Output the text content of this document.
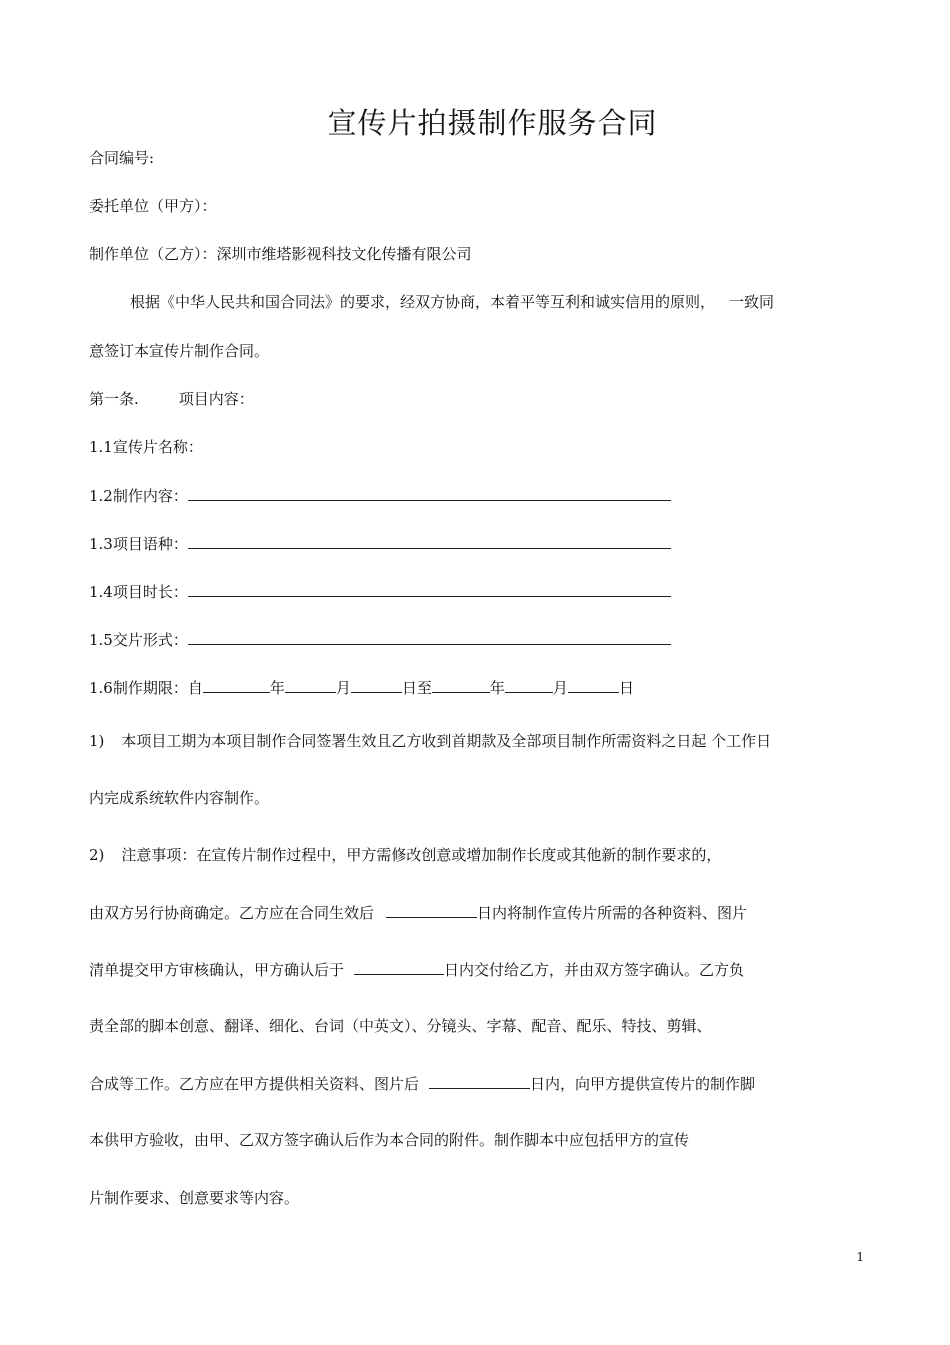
宣传片拍摄制作服务合同

合同编号:

委托单位（甲方）：

制作单位（乙方）：深圳市维塔影视科技文化传播有限公司

根据《中华人民共和国合同法》的要求，经双方协商，本着平等互利和诚实信用的原则， 一致同

意签订本宣传片制作合同。

第一条.	项目内容：

1.1宣传片名称：

1.2制作内容：

1.3项目语种：

1.4项目时长：

1.5交片形式：

1.6制作期限：自	年	月	日至	年	月	日

1) 本项目工期为本项目制作合同签署生效且乙方收到首期款及全部项目制作所需资料之日起 个工作日

内完成系统软件内容制作。

2) 注意事项：在宣传片制作过程中，甲方需修改创意或增加制作长度或其他新的制作要求的，

由双方另行协商确定。乙方应在合同生效后	日内将制作宣传片所需的各种资料、图片

清单提交甲方审核确认，甲方确认后于	日内交付给乙方，并由双方签字确认。乙方负

责全部的脚本创意、翻译、细化、台词（中英文）、分镜头、字幕、配音、配乐、特技、剪辑、

合成等工作。乙方应在甲方提供相关资料、图片后	日内，向甲方提供宣传片的制作脚

本供甲方验收，由甲、乙双方签字确认后作为本合同的附件。制作脚本中应包括甲方的宣传

片制作要求、创意要求等内容。

1
